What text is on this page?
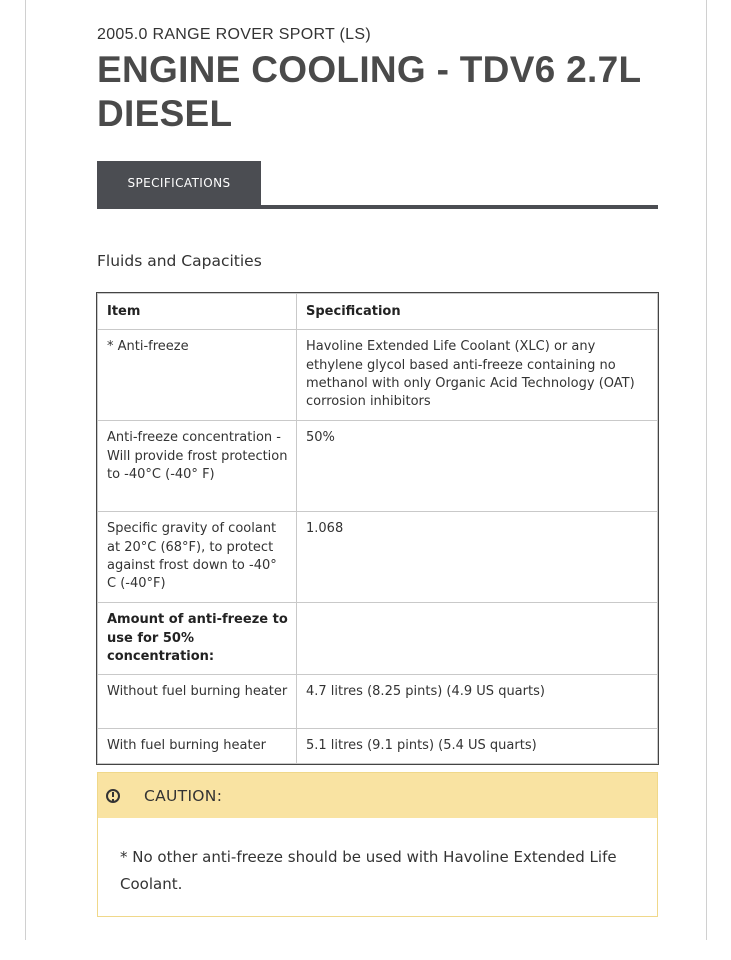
2005.0 RANGE ROVER SPORT (LS)
ENGINE COOLING - TDV6 2.7L DIESEL
SPECIFICATIONS
Fluids and Capacities
Item	Specification
* Anti-freeze	Havoline Extended Life Coolant (XLC) or any ethylene glycol based anti-freeze containing no methanol with only Organic Acid Technology (OAT) corrosion inhibitors
Anti-freeze concentration - Will provide frost protection to -40°C (-40° F)	50%
Specific gravity of coolant at 20°C (68°F), to protect against frost down to -40° C (-40°F)	1.068
Amount of anti-freeze to use for 50% concentration:	
Without fuel burning heater	4.7 litres (8.25 pints) (4.9 US quarts)
With fuel burning heater	5.1 litres (9.1 pints) (5.4 US quarts)
CAUTION:
* No other anti-freeze should be used with Havoline Extended Life Coolant.
